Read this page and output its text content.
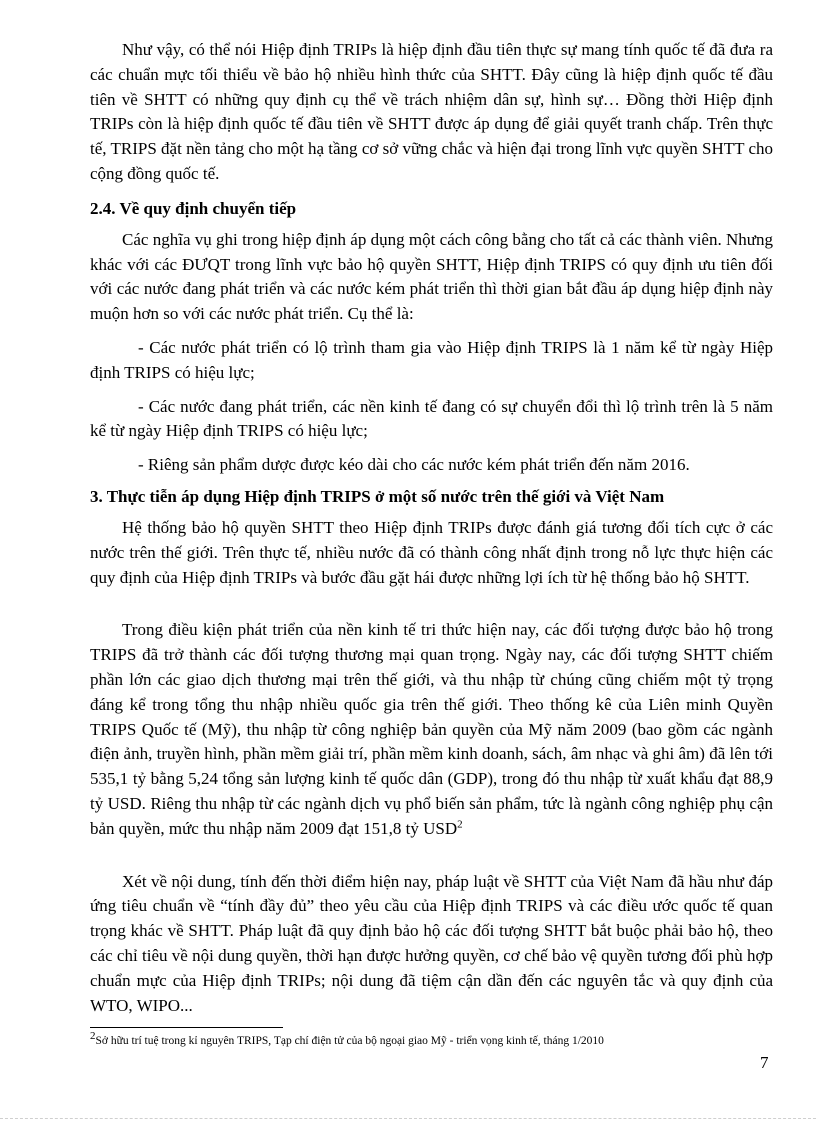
Như vậy, có thể nói Hiệp định TRIPs là hiệp định đầu tiên thực sự mang tính quốc tế đã đưa ra các chuẩn mực tối thiểu về bảo hộ nhiều hình thức của SHTT. Đây cũng là hiệp định quốc tế đầu tiên về SHTT có những quy định cụ thể về trách nhiệm dân sự, hình sự… Đồng thời Hiệp định TRIPs còn là hiệp định quốc tế đầu tiên về SHTT được áp dụng để giải quyết tranh chấp. Trên thực tế, TRIPS đặt nền tảng cho một hạ tầng cơ sở vững chắc và hiện đại trong lĩnh vực quyền SHTT cho cộng đồng quốc tế.

2.4. Về quy định chuyển tiếp

Các nghĩa vụ ghi trong hiệp định áp dụng một cách công bằng cho tất cả các thành viên. Nhưng khác với các ĐƯQT trong lĩnh vực bảo hộ quyền SHTT, Hiệp định TRIPS có quy định ưu tiên đối với các nước đang phát triển và các nước kém phát triển thì thời gian bắt đầu áp dụng hiệp định này muộn hơn so với các nước phát triển. Cụ thể là:

- Các nước phát triển có lộ trình tham gia vào Hiệp định TRIPS là 1 năm kể từ ngày Hiệp định TRIPS có hiệu lực;

- Các nước đang phát triển, các nền kinh tế đang có sự chuyển đổi thì lộ trình trên là 5 năm kể từ ngày Hiệp định TRIPS có hiệu lực;

- Riêng sản phẩm dược được kéo dài cho các nước kém phát triển đến năm 2016.

3. Thực tiễn áp dụng Hiệp định TRIPS ở một số nước trên thế giới và Việt Nam

Hệ thống bảo hộ quyền SHTT theo Hiệp định TRIPs được đánh giá tương đối tích cực ở các nước trên thế giới. Trên thực tế, nhiều nước đã có thành công nhất định trong nỗ lực thực hiện các quy định của Hiệp định TRIPs và bước đầu gặt hái được những lợi ích từ hệ thống bảo hộ SHTT.

Trong điều kiện phát triển của nền kinh tế tri thức hiện nay, các đối tượng được bảo hộ trong TRIPS đã trở thành các đối tượng thương mại quan trọng. Ngày nay, các đối tượng SHTT chiếm phần lớn các giao dịch thương mại trên thế giới, và thu nhập từ chúng cũng chiếm một tỷ trọng đáng kể trong tổng thu nhập nhiều quốc gia trên thế giới. Theo thống kê của Liên minh Quyền TRIPS Quốc tế (Mỹ), thu nhập từ công nghiệp bản quyền của Mỹ năm 2009 (bao gồm các ngành điện ảnh, truyền hình, phần mềm giải trí, phần mềm kinh doanh, sách, âm nhạc và ghi âm) đã lên tới 535,1 tỷ bằng 5,24 tổng sản lượng kinh tế quốc dân (GDP), trong đó thu nhập từ xuất khẩu đạt 88,9 tỷ USD. Riêng thu nhập từ các ngành dịch vụ phổ biến sản phẩm, tức là ngành công nghiệp phụ cận bản quyền, mức thu nhập năm 2009 đạt 151,8 tỷ USD$^2$

Xét về nội dung, tính đến thời điểm hiện nay, pháp luật về SHTT của Việt Nam đã hầu như đáp ứng tiêu chuẩn về “tính đầy đủ” theo yêu cầu của Hiệp định TRIPS và các điều ước quốc tế quan trọng khác về SHTT. Pháp luật đã quy định bảo hộ các đối tượng SHTT bắt buộc phải bảo hộ, theo các chỉ tiêu về nội dung quyền, thời hạn được hưởng quyền, cơ chế bảo vệ quyền tương đối phù hợp chuẩn mực của Hiệp định TRIPs; nội dung đã tiệm cận dần đến các nguyên tắc và quy định của WTO, WIPO...

$^2$Sở hữu trí tuệ trong kỉ nguyên TRIPS, Tạp chí điện tử của bộ ngoại giao Mỹ - triển vọng kinh tế, tháng 1/2010

7
